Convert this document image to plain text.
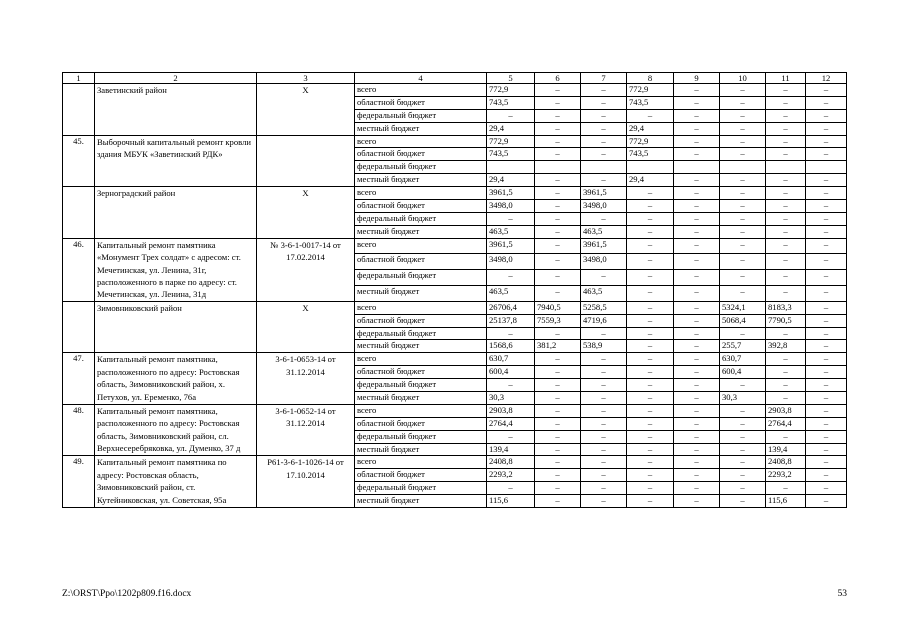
1	2	3	4	5	6	7	8	9	10	11	12
	Заветинский район	X	всего	772,9	–	–	772,9	–	–	–	–
			областной бюджет	743,5	–	–	743,5	–	–	–	–
			федеральный бюджет	–	–	–	–	–	–	–	–
			местный бюджет	29,4	–	–	29,4	–	–	–	–
45.	Выборочный капитальный ремонт кровли здания МБУК «Заветинский РДК»		всего	772,9	–	–	772,9	–	–	–	–
			областной бюджет	743,5	–	–	743,5	–	–	–	–
			федеральный бюджет								
			местный бюджет	29,4	–	–	29,4	–	–	–	–
	Зерноградский район	X	всего	3961,5	–	3961,5	–	–	–	–	–
			областной бюджет	3498,0	–	3498,0	–	–	–	–	–
			федеральный бюджет	–	–	–	–	–	–	–	–
			местный бюджет	463,5	–	463,5	–	–	–	–	–
46.	Капитальный ремонт памятника «Монумент Трех солдат» с адресом: ст. Мечетинская, ул. Ленина, 31г, расположенного в парке по адресу: ст. Мечетинская, ул. Ленина, 31д	№ 3-6-1-0017-14 от 17.02.2014	всего	3961,5	–	3961,5	–	–	–	–	–
			областной бюджет	3498,0	–	3498,0	–	–	–	–	–
			федеральный бюджет	–	–	–	–	–	–	–	–
			местный бюджет	463,5	–	463,5	–	–	–	–	–
	Зимовниковский район	X	всего	26706,4	7940,5	5258,5	–	–	5324,1	8183,3	–
			областной бюджет	25137,8	7559,3	4719,6	–	–	5068,4	7790,5	–
			федеральный бюджет	–	–	–	–	–	–	–	–
			местный бюджет	1568,6	381,2	538,9	–	–	255,7	392,8	–
47.	Капитальный ремонт памятника, расположенного по адресу: Ростовская область, Зимовниковский район, х. Петухов, ул. Еременко, 76а	3-6-1-0653-14 от 31.12.2014	всего	630,7	–	–	–	–	630,7	–	–
			областной бюджет	600,4	–	–	–	–	600,4	–	–
			федеральный бюджет	–	–	–	–	–	–	–	–
			местный бюджет	30,3	–	–	–	–	30,3	–	–
48.	Капитальный ремонт памятника, расположенного по адресу: Ростовская область, Зимовниковский район, сл. Верхнесеребряковка, ул. Думенко, 37 д	3-6-1-0652-14 от 31.12.2014	всего	2903,8	–	–	–	–	–	2903,8	–
			областной бюджет	2764,4	–	–	–	–	–	2764,4	–
			федеральный бюджет	–	–	–	–	–	–	–	–
			местный бюджет	139,4	–	–	–	–	–	139,4	–
49.	Капитальный ремонт памятника по адресу: Ростовская область, Зимовниковский район, ст. Кутейниковская, ул. Советская, 95а	Р61-3-6-1-1026-14 от 17.10.2014	всего	2408,8	–	–	–	–	–	2408,8	–
			областной бюджет	2293,2	–	–	–	–	–	2293,2	–
			федеральный бюджет	–	–	–	–	–	–	–	–
			местный бюджет	115,6	–	–	–	–	–	115,6	–
Z:\ORST\Ppo\1202p809.f16.docx	53
